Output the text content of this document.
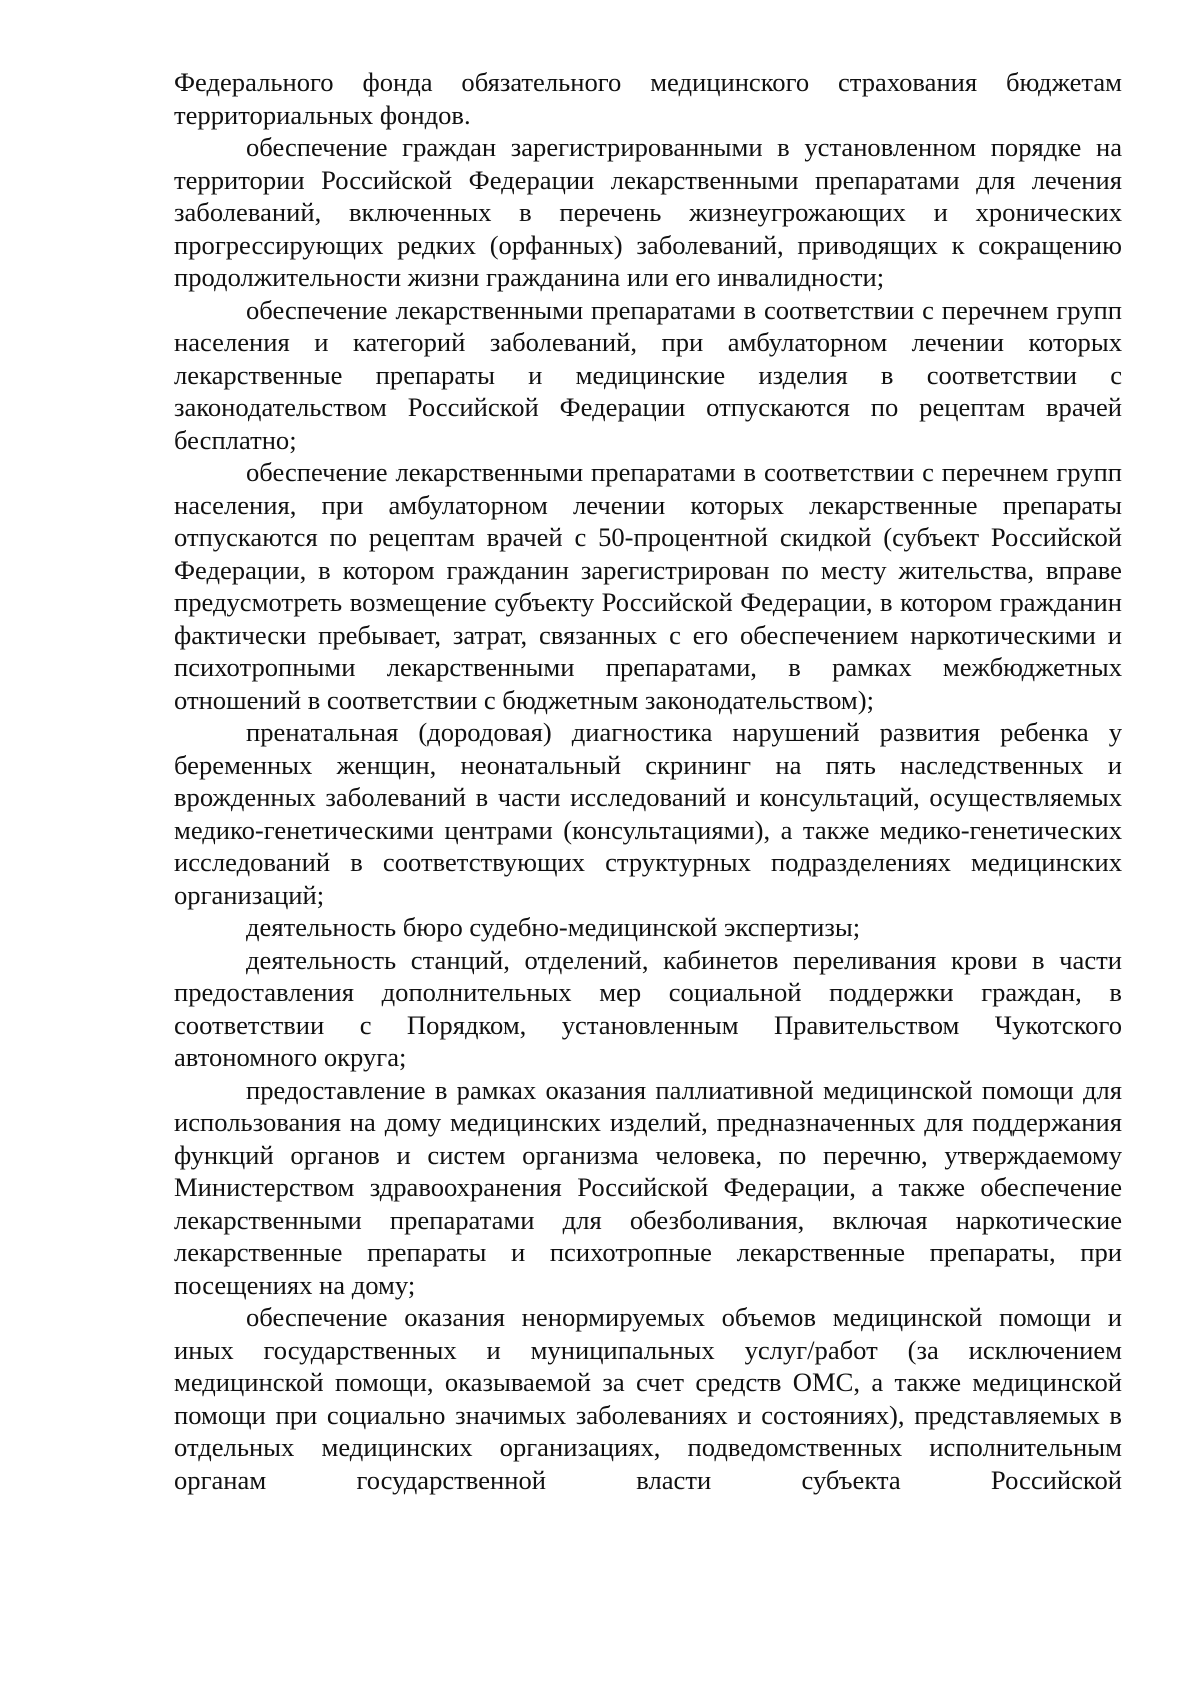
Федерального фонда обязательного медицинского страхования бюджетам территориальных фондов.

обеспечение граждан зарегистрированными в установленном порядке на территории Российской Федерации лекарственными препаратами для лечения заболеваний, включенных в перечень жизнеугрожающих и хронических прогрессирующих редких (орфанных) заболеваний, приводящих к сокращению продолжительности жизни гражданина или его инвалидности;

обеспечение лекарственными препаратами в соответствии с перечнем групп населения и категорий заболеваний, при амбулаторном лечении которых лекарственные препараты и медицинские изделия в соответствии с законодательством Российской Федерации отпускаются по рецептам врачей бесплатно;

обеспечение лекарственными препаратами в соответствии с перечнем групп населения, при амбулаторном лечении которых лекарственные препараты отпускаются по рецептам врачей с 50-процентной скидкой (субъект Российской Федерации, в котором гражданин зарегистрирован по месту жительства, вправе предусмотреть возмещение субъекту Российской Федерации, в котором гражданин фактически пребывает, затрат, связанных с его обеспечением наркотическими и психотропными лекарственными препаратами, в рамках межбюджетных отношений в соответствии с бюджетным законодательством);

пренатальная (дородовая) диагностика нарушений развития ребенка у беременных женщин, неонатальный скрининг на пять наследственных и врожденных заболеваний в части исследований и консультаций, осуществляемых медико-генетическими центрами (консультациями), а также медико-генетических исследований в соответствующих структурных подразделениях медицинских организаций;

деятельность бюро судебно-медицинской экспертизы;

деятельность станций, отделений, кабинетов переливания крови в части предоставления дополнительных мер социальной поддержки граждан, в соответствии с Порядком, установленным Правительством Чукотского автономного округа;

предоставление в рамках оказания паллиативной медицинской помощи для использования на дому медицинских изделий, предназначенных для поддержания функций органов и систем организма человека, по перечню, утверждаемому Министерством здравоохранения Российской Федерации, а также обеспечение лекарственными препаратами для обезболивания, включая наркотические лекарственные препараты и психотропные лекарственные препараты, при посещениях на дому;

обеспечение оказания ненормируемых объемов медицинской помощи и иных государственных и муниципальных услуг/работ (за исключением медицинской помощи, оказываемой за счет средств ОМС, а также медицинской помощи при социально значимых заболеваниях и состояниях), представляемых в отдельных медицинских организациях, подведомственных исполнительным органам государственной власти субъекта Российской
